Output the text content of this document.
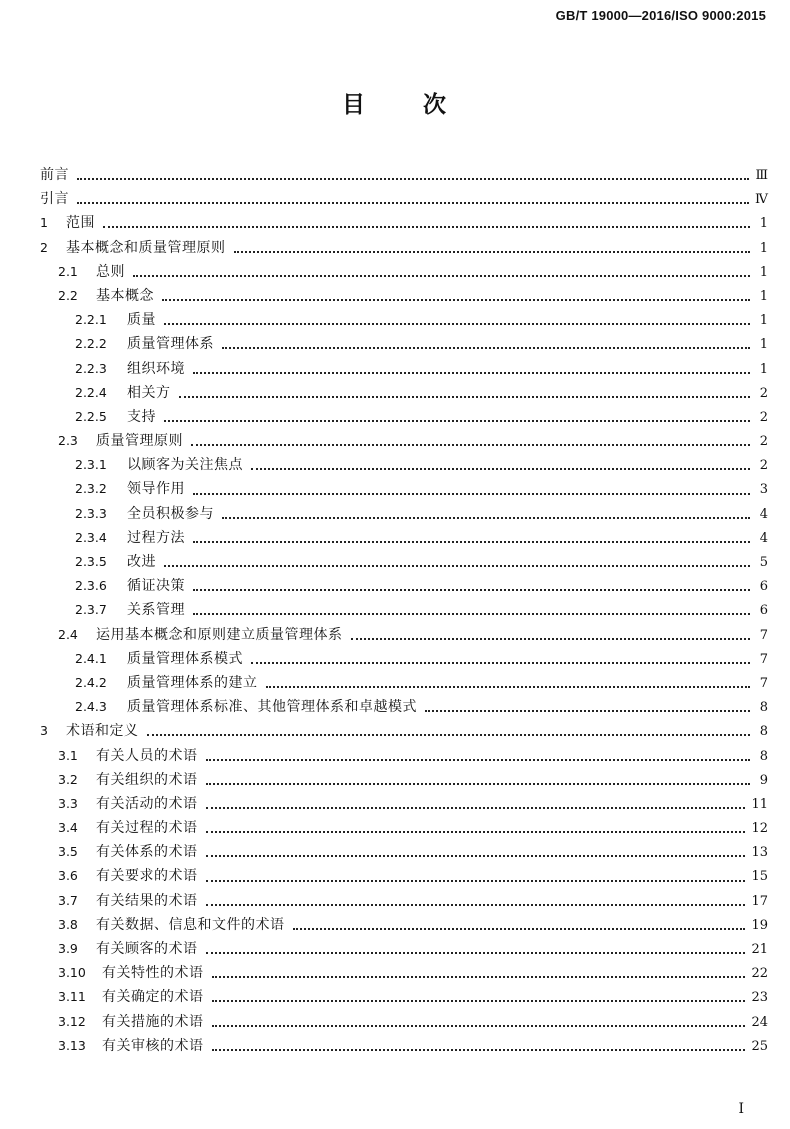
GB/T 19000—2016/ISO 9000:2015
目 次
前言	Ⅲ
引言	Ⅳ
1	范围	1
2	基本概念和质量管理原则	1
2.1	总则	1
2.2	基本概念	1
2.2.1	质量	1
2.2.2	质量管理体系	1
2.2.3	组织环境	1
2.2.4	相关方	2
2.2.5	支持	2
2.3	质量管理原则	2
2.3.1	以顾客为关注焦点	2
2.3.2	领导作用	3
2.3.3	全员积极参与	4
2.3.4	过程方法	4
2.3.5	改进	5
2.3.6	循证决策	6
2.3.7	关系管理	6
2.4	运用基本概念和原则建立质量管理体系	7
2.4.1	质量管理体系模式	7
2.4.2	质量管理体系的建立	7
2.4.3	质量管理体系标准、其他管理体系和卓越模式	8
3	术语和定义	8
3.1	有关人员的术语	8
3.2	有关组织的术语	9
3.3	有关活动的术语	11
3.4	有关过程的术语	12
3.5	有关体系的术语	13
3.6	有关要求的术语	15
3.7	有关结果的术语	17
3.8	有关数据、信息和文件的术语	19
3.9	有关顾客的术语	21
3.10	有关特性的术语	22
3.11	有关确定的术语	23
3.12	有关措施的术语	24
3.13	有关审核的术语	25
I
